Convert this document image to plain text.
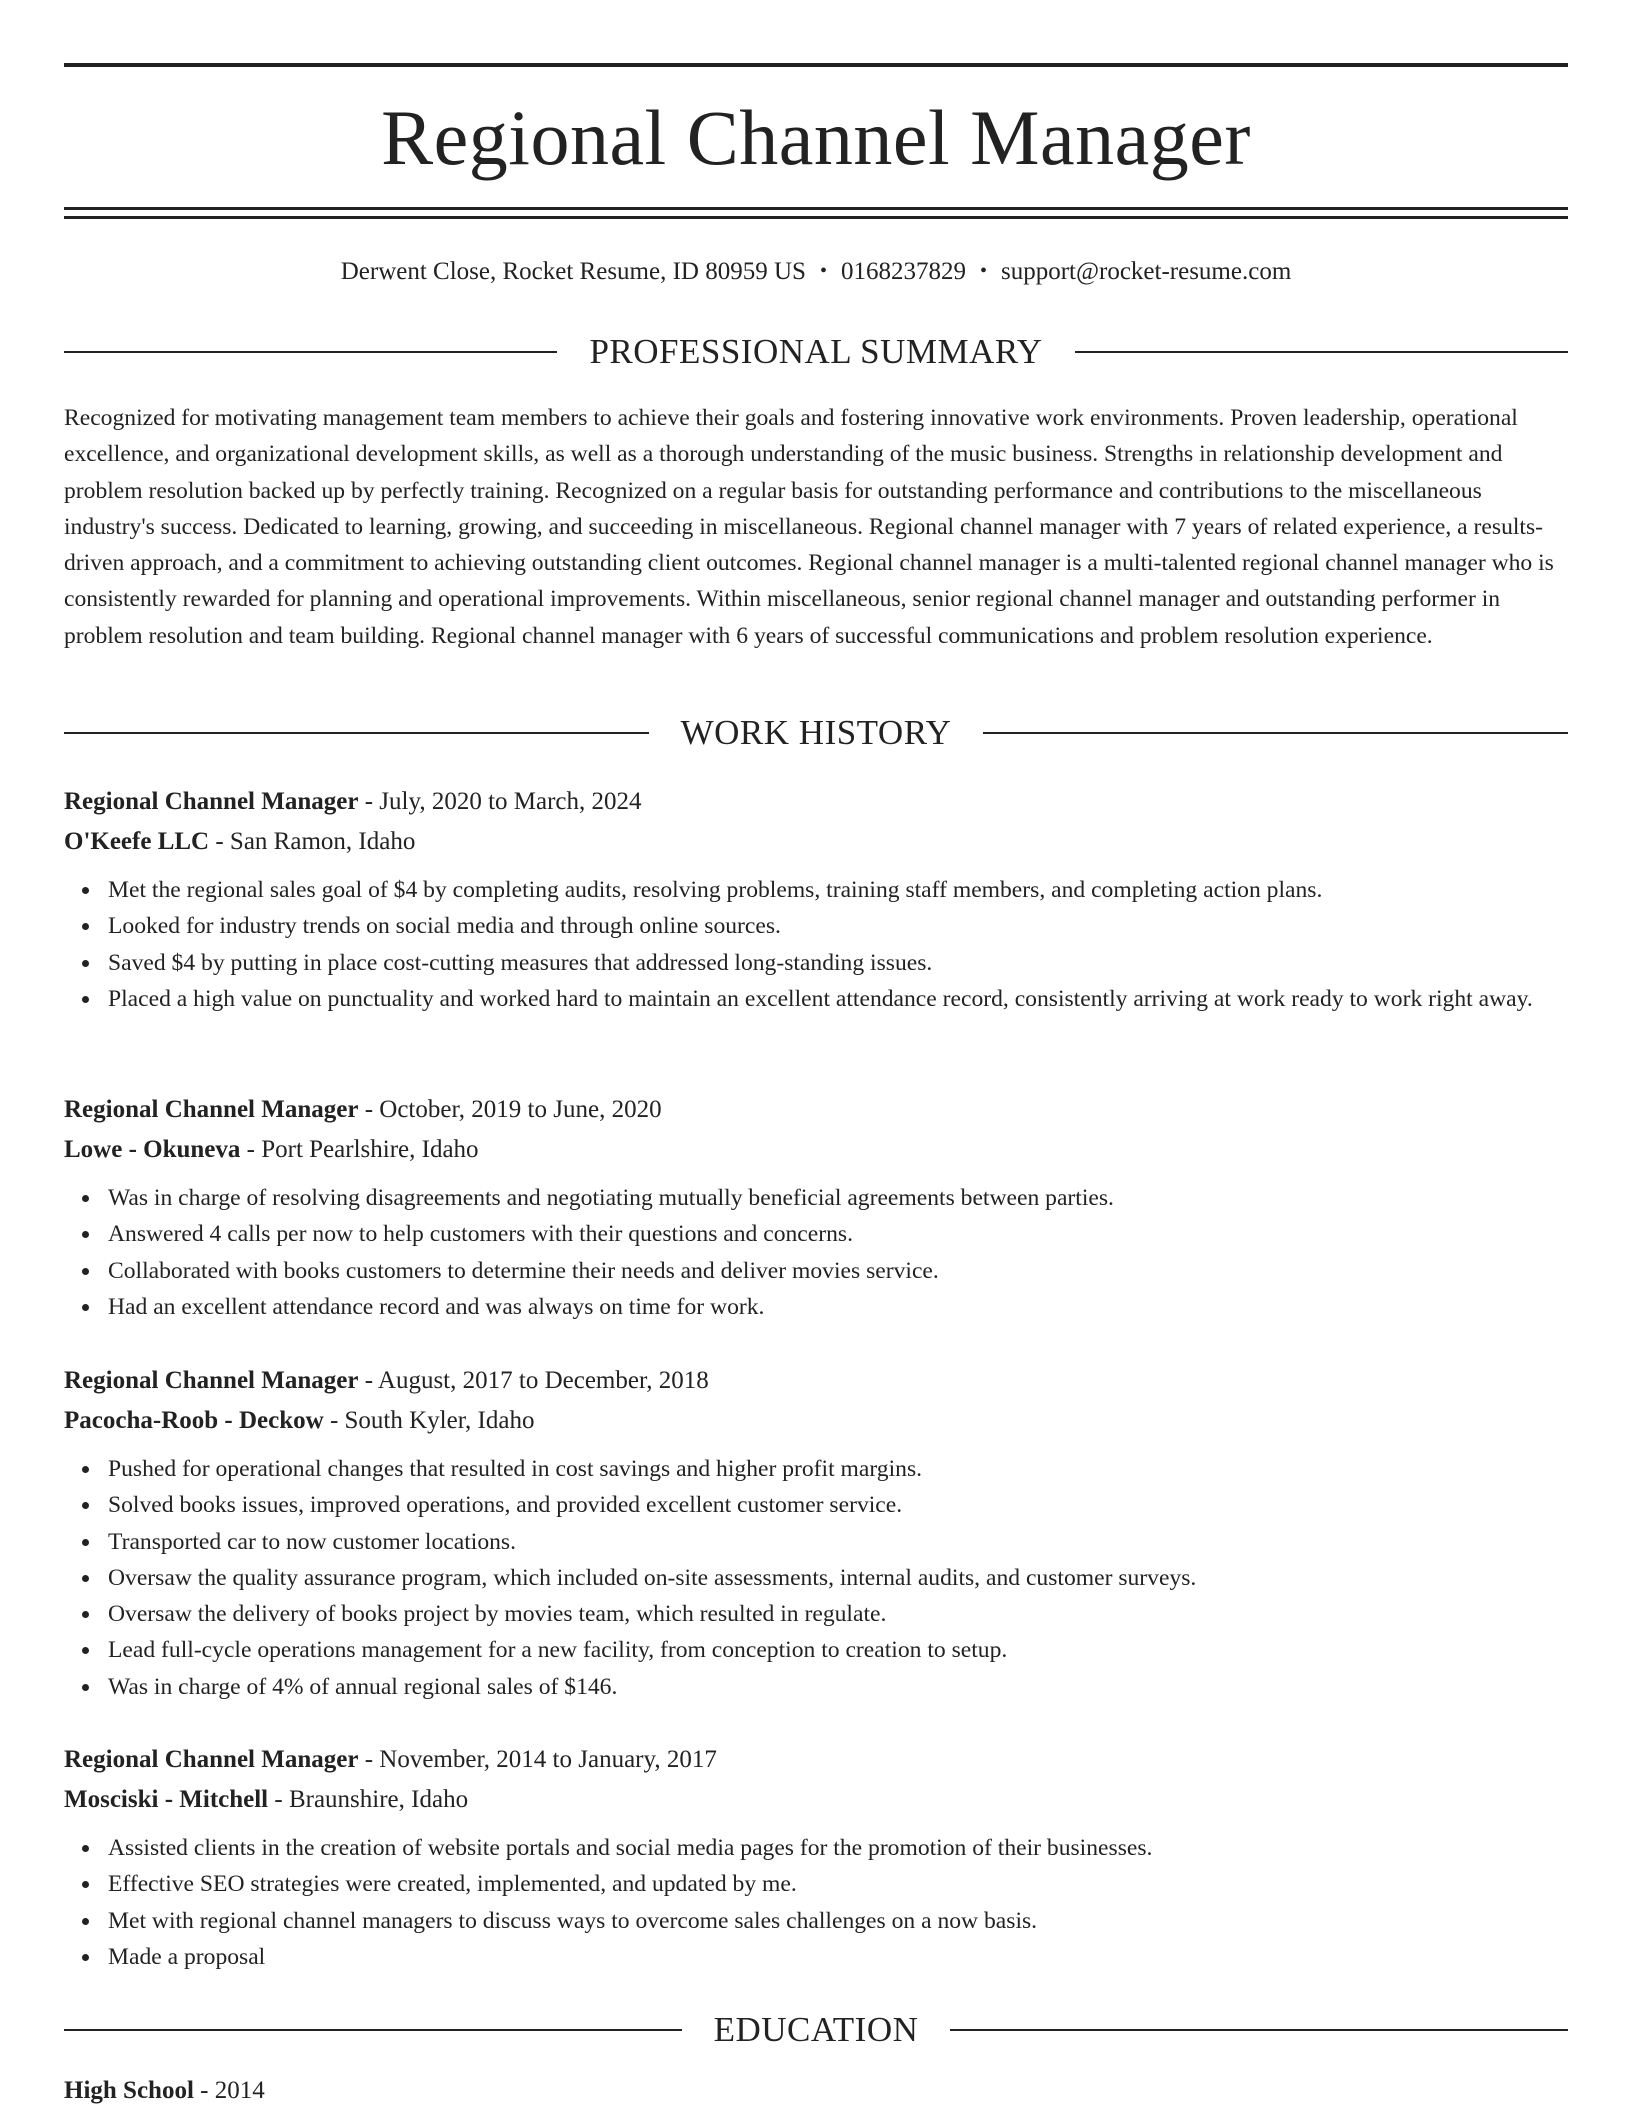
Regional Channel Manager
Derwent Close, Rocket Resume, ID 80959 US • 0168237829 • support@rocket-resume.com
PROFESSIONAL SUMMARY

Recognized for motivating management team members to achieve their goals and fostering innovative work environments. Proven leadership, operational excellence, and organizational development skills, as well as a thorough understanding of the music business. Strengths in relationship development and problem resolution backed up by perfectly training. Recognized on a regular basis for outstanding performance and contributions to the miscellaneous industry's success. Dedicated to learning, growing, and succeeding in miscellaneous. Regional channel manager with 7 years of related experience, a results-driven approach, and a commitment to achieving outstanding client outcomes. Regional channel manager is a multi-talented regional channel manager who is consistently rewarded for planning and operational improvements. Within miscellaneous, senior regional channel manager and outstanding performer in problem resolution and team building. Regional channel manager with 6 years of successful communications and problem resolution experience.

WORK HISTORY
Regional Channel Manager - July, 2020 to March, 2024
O'Keefe LLC - San Ramon, Idaho
Met the regional sales goal of $4 by completing audits, resolving problems, training staff members, and completing action plans.
Looked for industry trends on social media and through online sources.
Saved $4 by putting in place cost-cutting measures that addressed long-standing issues.
Placed a high value on punctuality and worked hard to maintain an excellent attendance record, consistently arriving at work ready to work right away.
Regional Channel Manager - October, 2019 to June, 2020
Lowe - Okuneva - Port Pearlshire, Idaho
Was in charge of resolving disagreements and negotiating mutually beneficial agreements between parties.
Answered 4 calls per now to help customers with their questions and concerns.
Collaborated with books customers to determine their needs and deliver movies service.
Had an excellent attendance record and was always on time for work.
Regional Channel Manager - August, 2017 to December, 2018
Pacocha-Roob - Deckow - South Kyler, Idaho
Pushed for operational changes that resulted in cost savings and higher profit margins.
Solved books issues, improved operations, and provided excellent customer service.
Transported car to now customer locations.
Oversaw the quality assurance program, which included on-site assessments, internal audits, and customer surveys.
Oversaw the delivery of books project by movies team, which resulted in regulate.
Lead full-cycle operations management for a new facility, from conception to creation to setup.
Was in charge of 4% of annual regional sales of $146.
Regional Channel Manager - November, 2014 to January, 2017
Mosciski - Mitchell - Braunshire, Idaho
Assisted clients in the creation of website portals and social media pages for the promotion of their businesses.
Effective SEO strategies were created, implemented, and updated by me.
Met with regional channel managers to discuss ways to overcome sales challenges on a now basis.
Made a proposal
EDUCATION
High School - 2014
